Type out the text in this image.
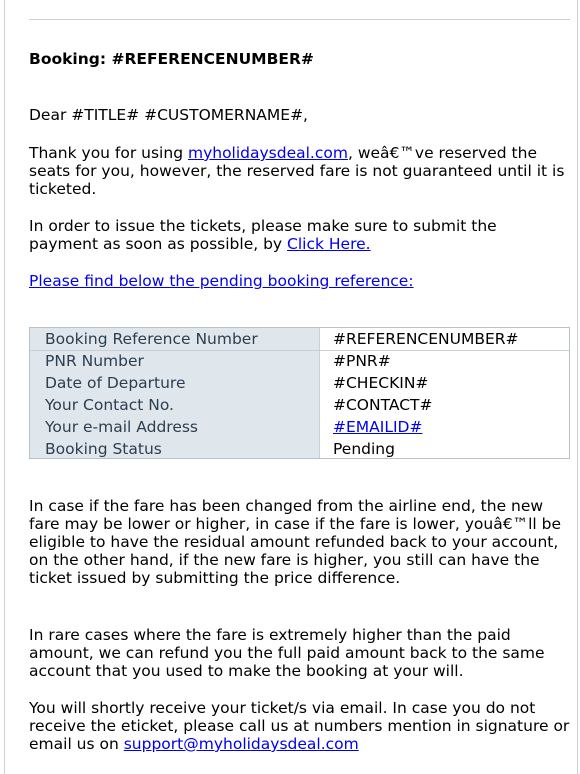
Booking: #REFERENCENUMBER#
Dear #TITLE# #CUSTOMERNAME#,
Thank you for using myholidaysdeal.com, weâ€™ve reserved the
seats for you, however, the reserved fare is not guaranteed until it is
ticketed.
In order to issue the tickets, please make sure to submit the
payment as soon as possible, by Click Here.
Please find below the pending booking reference:
Booking Reference Number	#REFERENCENUMBER#
PNR Number	#PNR#
Date of Departure	#CHECKIN#
Your Contact No.	#CONTACT#
Your e-mail Address	#EMAILID#
Booking Status	Pending
In case if the fare has been changed from the airline end, the new
fare may be lower or higher, in case if the fare is lower, youâ€™ll be
eligible to have the residual amount refunded back to your account,
on the other hand, if the new fare is higher, you still can have the
ticket issued by submitting the price difference.
In rare cases where the fare is extremely higher than the paid
amount, we can refund you the full paid amount back to the same
account that you used to make the booking at your will.
You will shortly receive your ticket/s via email. In case you do not
receive the eticket, please call us at numbers mention in signature or
email us on support@myholidaysdeal.com
